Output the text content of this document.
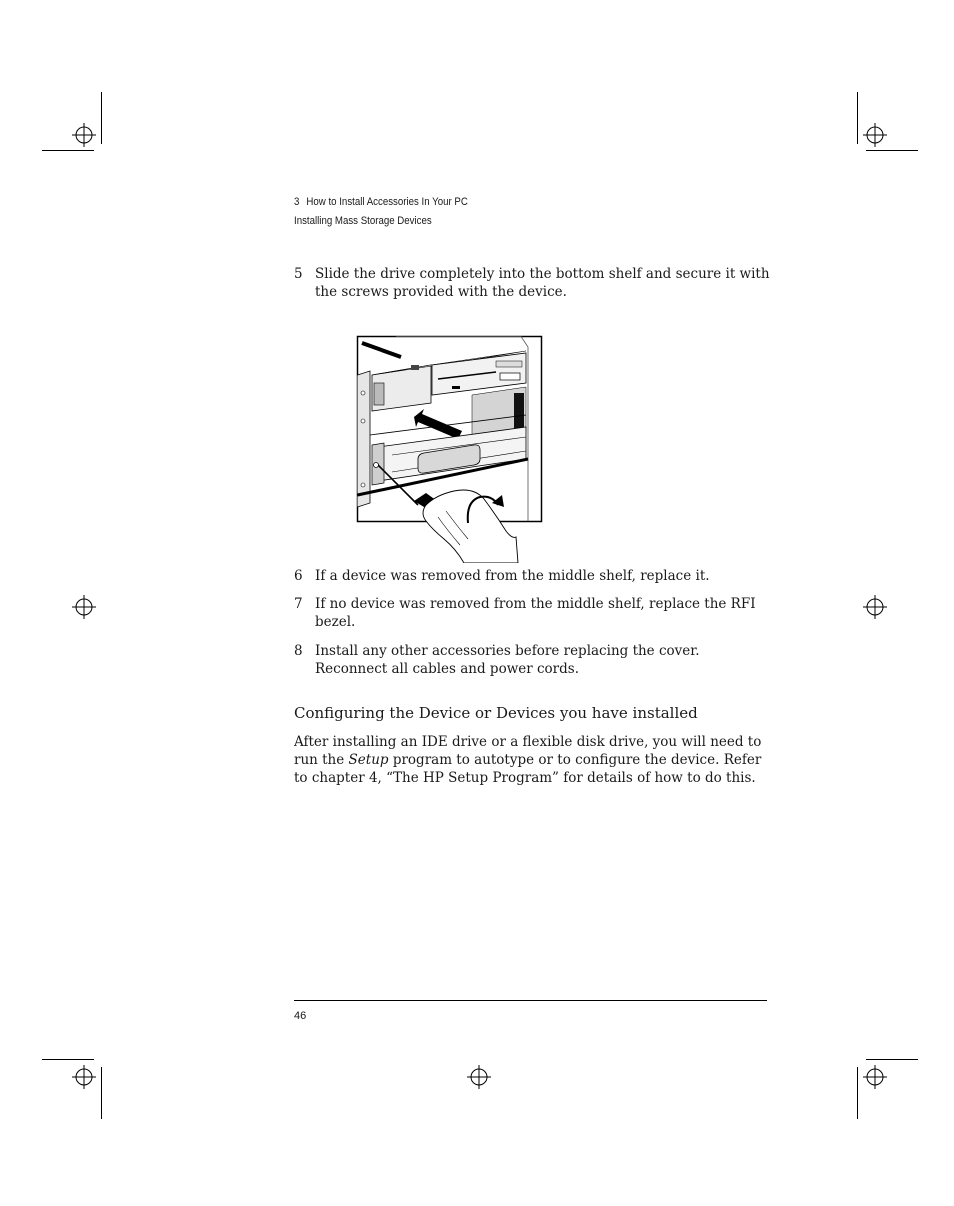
3 How to Install Accessories In Your PC
Installing Mass Storage Devices
5 Slide the drive completely into the bottom shelf and secure it with the screws provided with the device.
6 If a device was removed from the middle shelf, replace it.
7 If no device was removed from the middle shelf, replace the RFI bezel.
8 Install any other accessories before replacing the cover. Reconnect all cables and power cords.
Configuring the Device or Devices you have installed
After installing an IDE drive or a flexible disk drive, you will need to run the Setup program to autotype or to configure the device. Refer to chapter 4, “The HP Setup Program” for details of how to do this.
46
